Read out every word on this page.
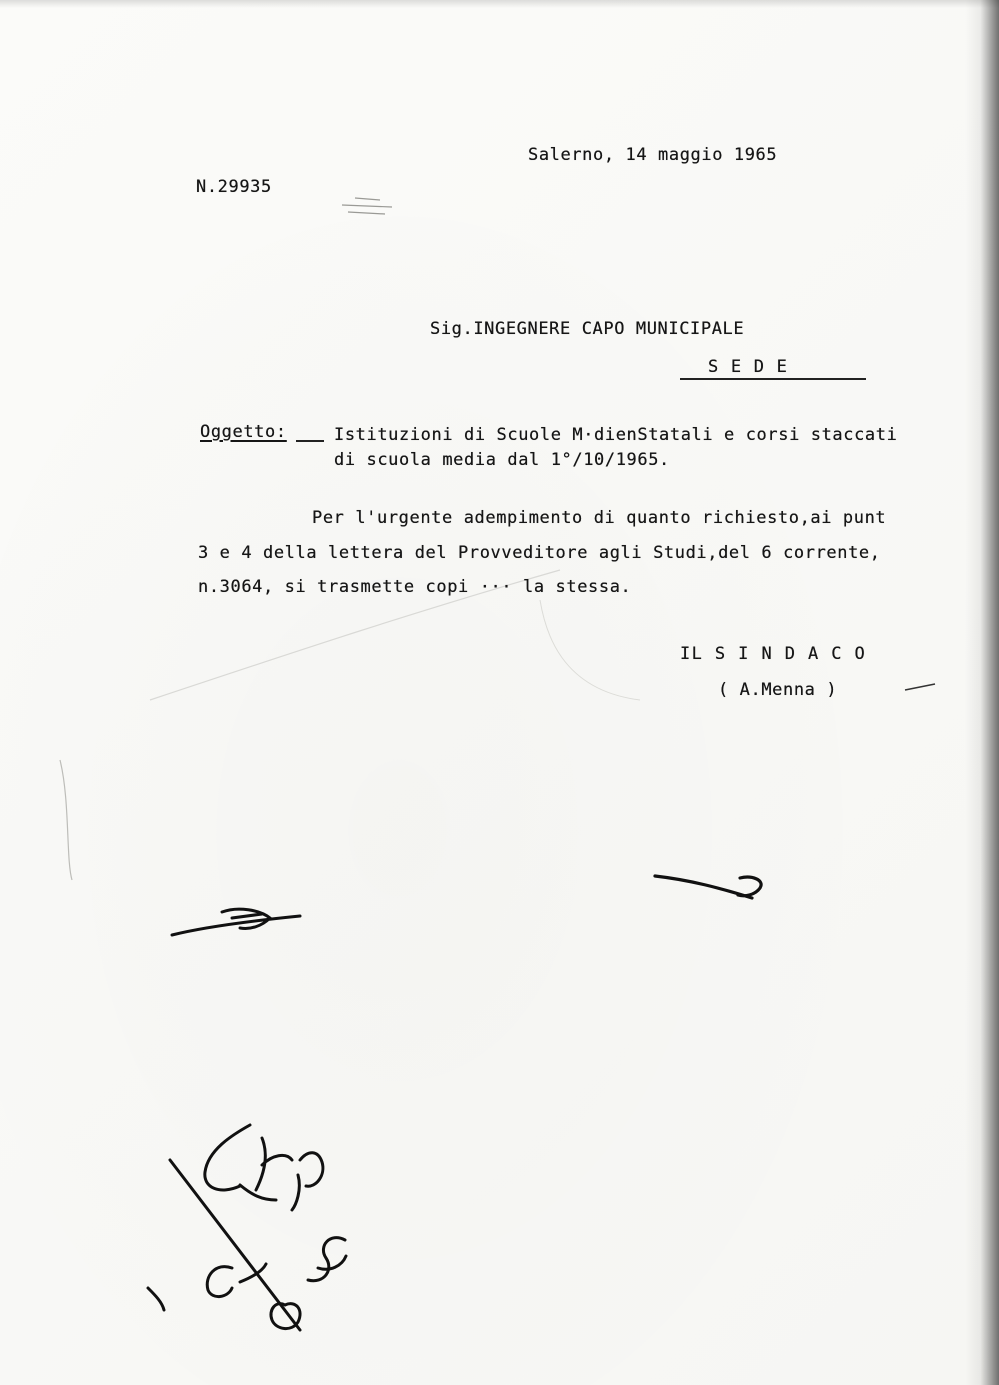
Salerno, 14 maggio 1965
N.29935
Sig.INGEGNERE CAPO MUNICIPALE
S E D E
Oggetto:	Istituzioni di Scuole M·dienStatali e corsi staccati
di scuola media dal 1°/10/1965.
Per l'urgente adempimento di quanto richiesto,ai punt
3 e 4 della lettera del Provveditore agli Studi,del 6 corrente,
n.3064, si trasmette copi ··· la stessa.
IL S I N D A C O
( A.Menna )
